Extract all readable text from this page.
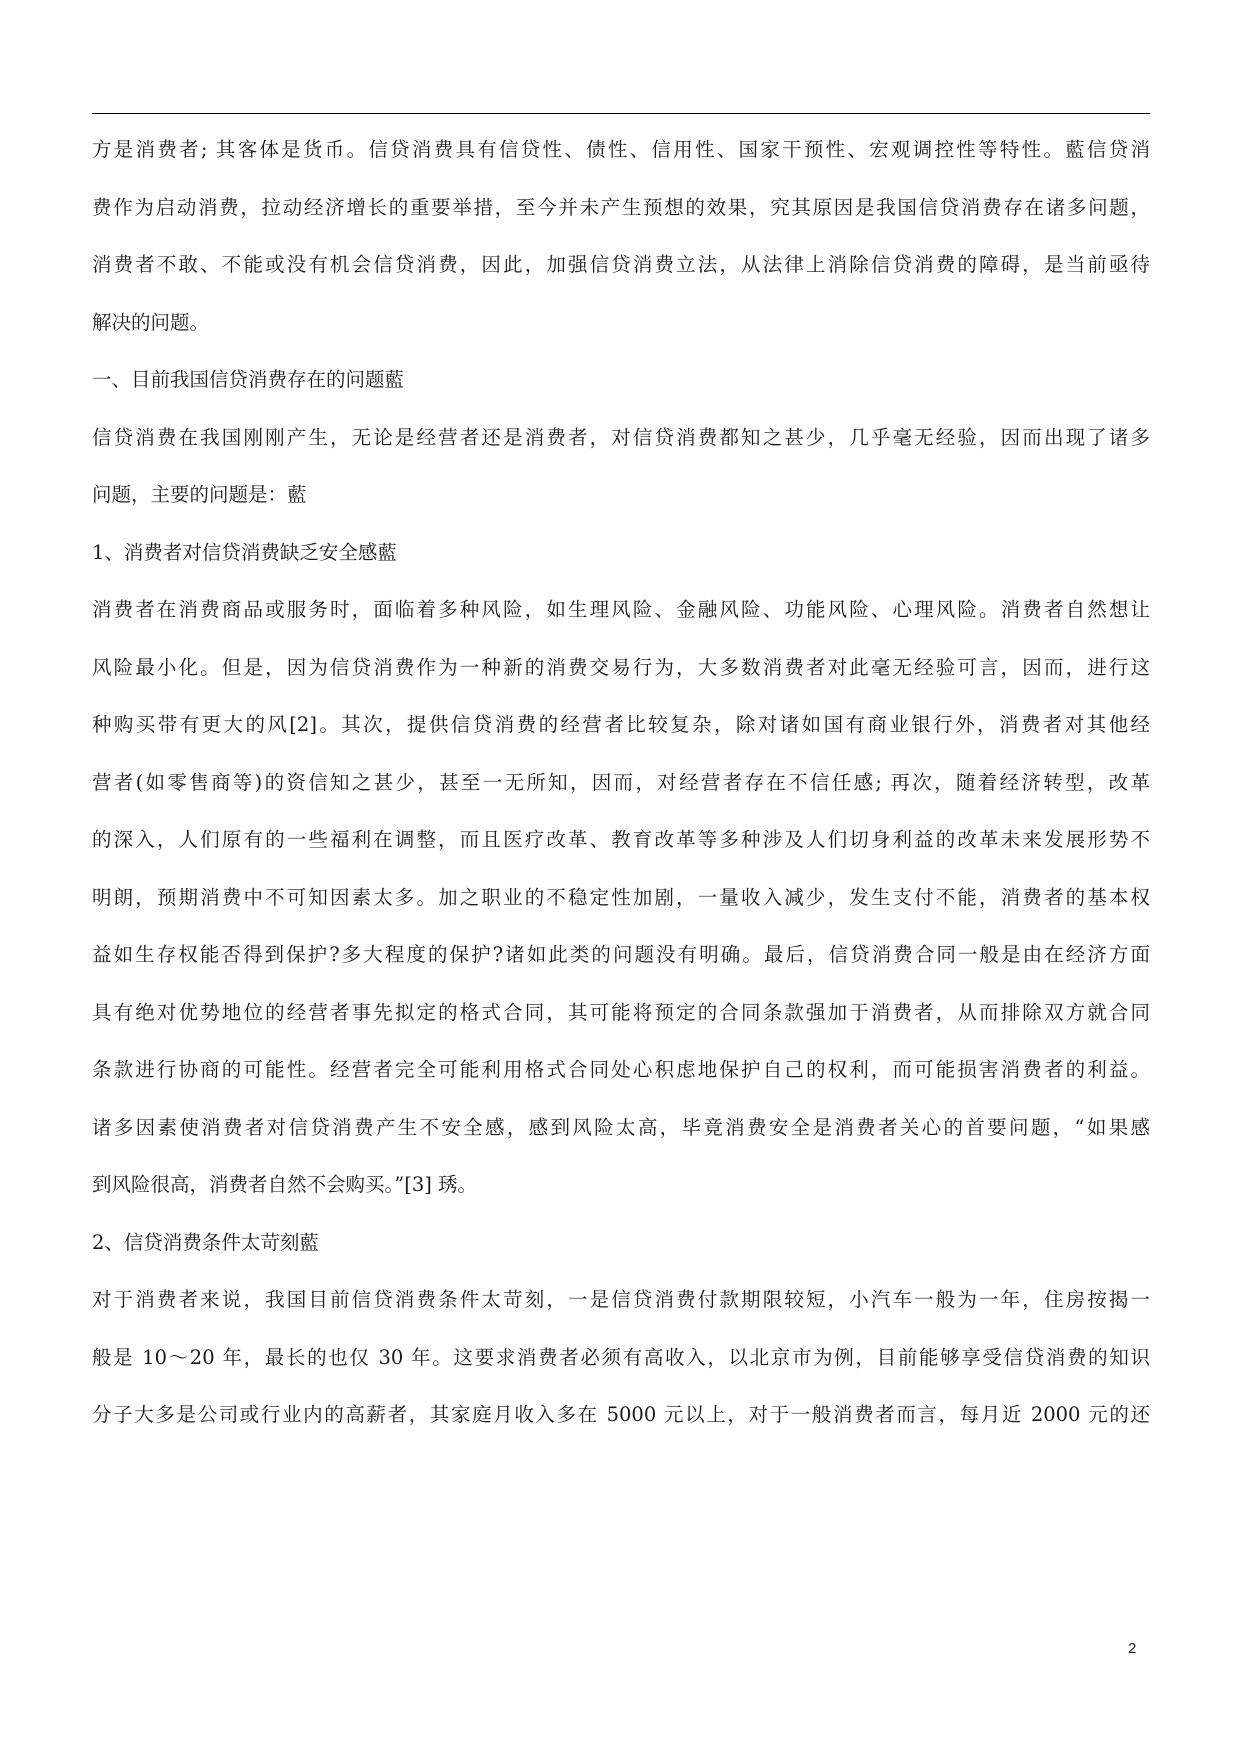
方是消费者; 其客体是货币。信贷消费具有信贷性、债性、信用性、国家干预性、宏观调控性等特性。藍信贷消
费作为启动消费，拉动经济增长的重要举措，至今并未产生预想的效果，究其原因是我国信贷消费存在诸多问题，
消费者不敢、不能或没有机会信贷消费，因此，加强信贷消费立法，从法律上消除信贷消费的障碍，是当前亟待
解决的问题。
一、目前我国信贷消费存在的问题藍
信贷消费在我国刚刚产生，无论是经营者还是消费者，对信贷消费都知之甚少，几乎毫无经验，因而出现了诸多
问题，主要的问题是：藍
1、消费者对信贷消费缺乏安全感藍
消费者在消费商品或服务时，面临着多种风险，如生理风险、金融风险、功能风险、心理风险。消费者自然想让
风险最小化。但是，因为信贷消费作为一种新的消费交易行为，大多数消费者对此毫无经验可言，因而，进行这
种购买带有更大的风[2]。其次，提供信贷消费的经营者比较复杂，除对诸如国有商业银行外，消费者对其他经
营者(如零售商等)的资信知之甚少，甚至一无所知，因而，对经营者存在不信任感; 再次，随着经济转型，改革
的深入，人们原有的一些福利在调整，而且医疗改革、教育改革等多种涉及人们切身利益的改革未来发展形势不
明朗，预期消费中不可知因素太多。加之职业的不稳定性加剧，一量收入减少，发生支付不能，消费者的基本权
益如生存权能否得到保护?多大程度的保护?诸如此类的问题没有明确。最后，信贷消费合同一般是由在经济方面
具有绝对优势地位的经营者事先拟定的格式合同，其可能将预定的合同条款强加于消费者，从而排除双方就合同
条款进行协商的可能性。经营者完全可能利用格式合同处心积虑地保护自己的权利，而可能损害消费者的利益。
诸多因素使消费者对信贷消费产生不安全感，感到风险太高，毕竟消费安全是消费者关心的首要问题，“如果感
到风险很高，消费者自然不会购买。”[3] 琇。
2、信贷消费条件太苛刻藍
对于消费者来说，我国目前信贷消费条件太苛刻，一是信贷消费付款期限较短，小汽车一般为一年，住房按揭一
般是 10～20 年，最长的也仅 30 年。这要求消费者必须有高收入，以北京市为例，目前能够享受信贷消费的知识
分子大多是公司或行业内的高薪者，其家庭月收入多在 5000 元以上，对于一般消费者而言，每月近 2000 元的还
2
